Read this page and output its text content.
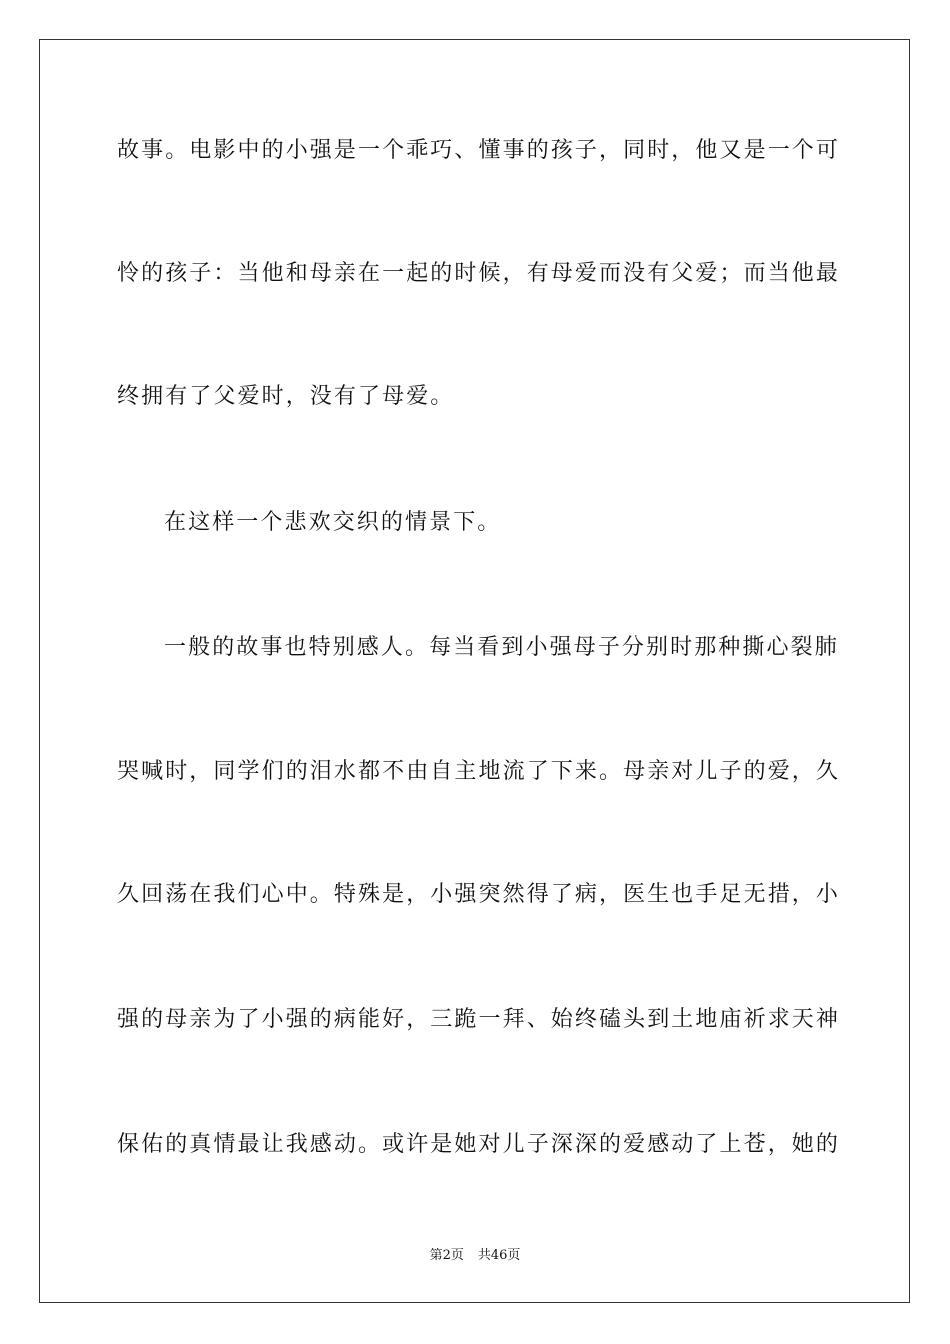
故事。电影中的小强是一个乖巧、懂事的孩子，同时，他又是一个可
怜的孩子：当他和母亲在一起的时候，有母爱而没有父爱；而当他最
终拥有了父爱时，没有了母爱。
在这样一个悲欢交织的情景下。
一般的故事也特别感人。每当看到小强母子分别时那种撕心裂肺
哭喊时，同学们的泪水都不由自主地流了下来。母亲对儿子的爱，久
久回荡在我们心中。特殊是，小强突然得了病，医生也手足无措，小
强的母亲为了小强的病能好，三跪一拜、始终磕头到土地庙祈求天神
保佑的真情最让我感动。或许是她对儿子深深的爱感动了上苍，她的
第2页 共46页
